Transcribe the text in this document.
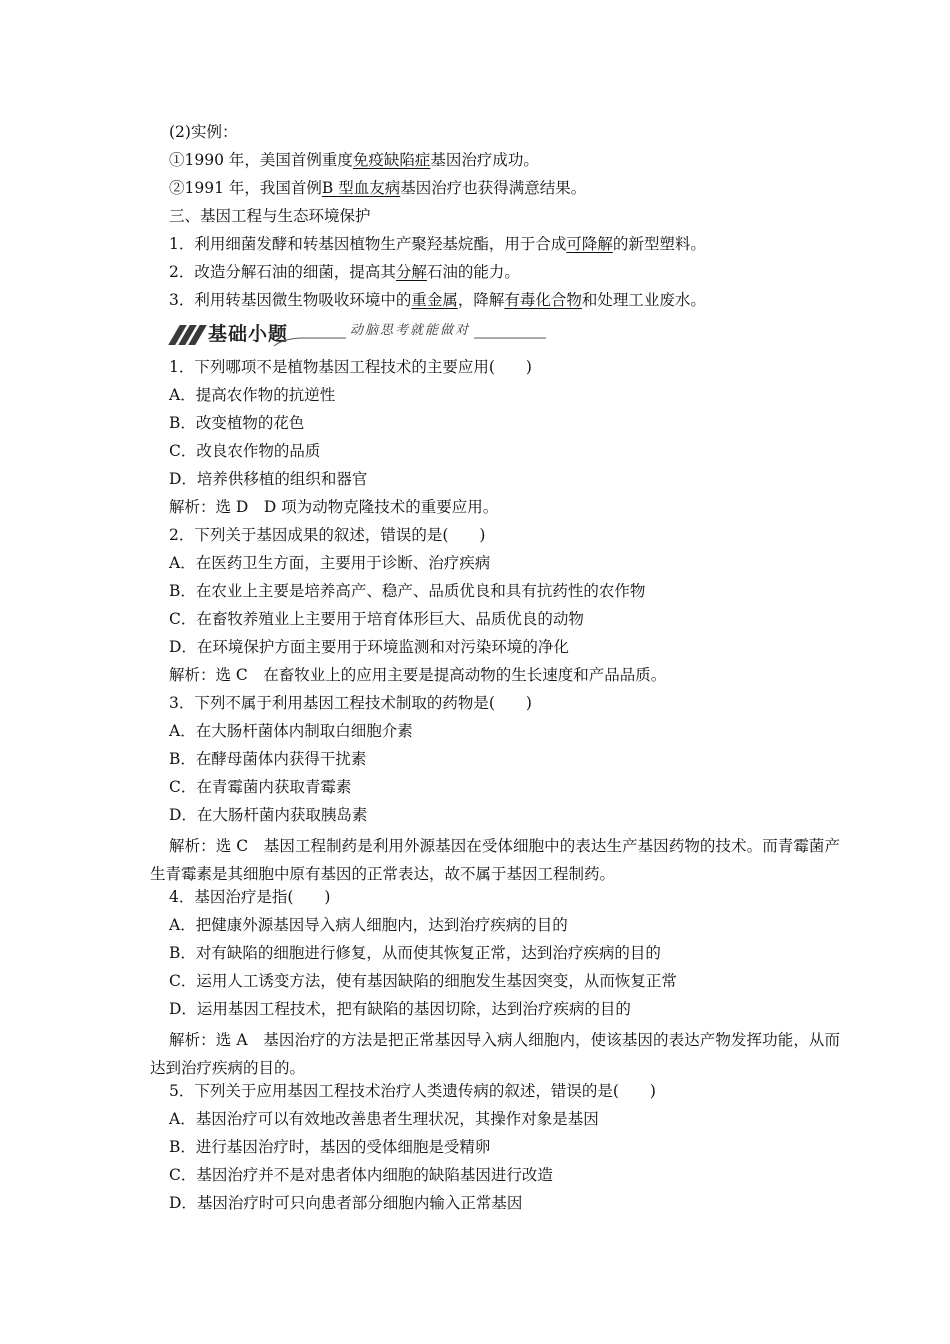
(2)实例：
①1990 年，美国首例重度免疫缺陷症基因治疗成功。
②1991 年，我国首例B 型血友病基因治疗也获得满意结果。
三、基因工程与生态环境保护
1．利用细菌发酵和转基因植物生产聚羟基烷酯，用于合成可降解的新型塑料。
2．改造分解石油的细菌，提高其分解石油的能力。
3．利用转基因微生物吸收环境中的重金属，降解有毒化合物和处理工业废水。
基础小题	动脑思考就能做对
1．下列哪项不是植物基因工程技术的主要应用(　　)
A．提高农作物的抗逆性
B．改变植物的花色
C．改良农作物的品质
D．培养供移植的组织和器官
解析：选 D　D 项为动物克隆技术的重要应用。
2．下列关于基因成果的叙述，错误的是(　　)
A．在医药卫生方面，主要用于诊断、治疗疾病
B．在农业上主要是培养高产、稳产、品质优良和具有抗药性的农作物
C．在畜牧养殖业上主要用于培育体形巨大、品质优良的动物
D．在环境保护方面主要用于环境监测和对污染环境的净化
解析：选 C　在畜牧业上的应用主要是提高动物的生长速度和产品品质。
3．下列不属于利用基因工程技术制取的药物是(　　)
A．在大肠杆菌体内制取白细胞介素
B．在酵母菌体内获得干扰素
C．在青霉菌内获取青霉素
D．在大肠杆菌内获取胰岛素
解析：选 C　基因工程制药是利用外源基因在受体细胞中的表达生产基因药物的技术。而青霉菌产生青霉素是其细胞中原有基因的正常表达，故不属于基因工程制药。
4．基因治疗是指(　　)
A．把健康外源基因导入病人细胞内，达到治疗疾病的目的
B．对有缺陷的细胞进行修复，从而使其恢复正常，达到治疗疾病的目的
C．运用人工诱变方法，使有基因缺陷的细胞发生基因突变，从而恢复正常
D．运用基因工程技术，把有缺陷的基因切除，达到治疗疾病的目的
解析：选 A　基因治疗的方法是把正常基因导入病人细胞内，使该基因的表达产物发挥功能，从而达到治疗疾病的目的。
5．下列关于应用基因工程技术治疗人类遗传病的叙述，错误的是(　　)
A．基因治疗可以有效地改善患者生理状况，其操作对象是基因
B．进行基因治疗时，基因的受体细胞是受精卵
C．基因治疗并不是对患者体内细胞的缺陷基因进行改造
D．基因治疗时可只向患者部分细胞内输入正常基因
